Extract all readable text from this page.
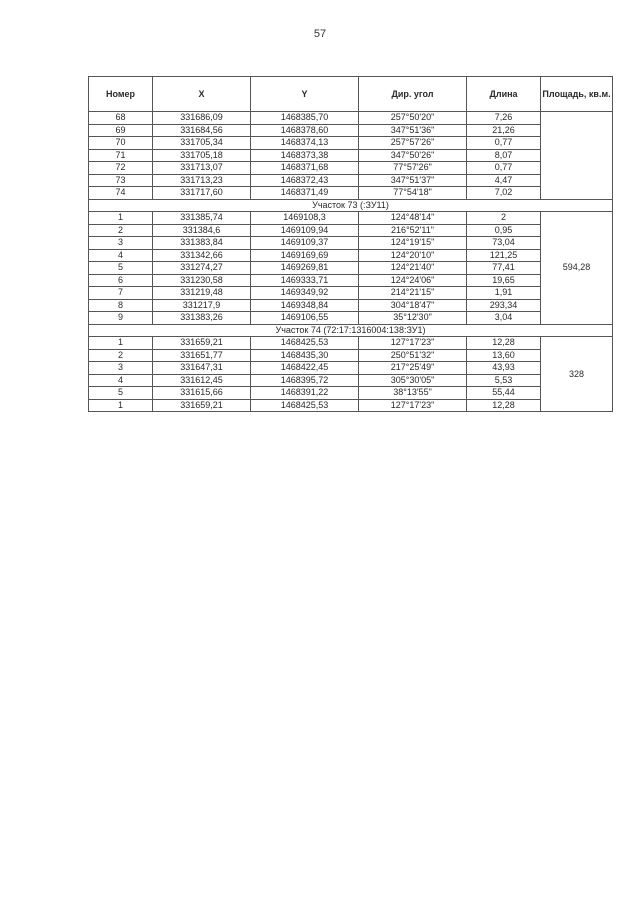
57
Номер	X	Y	Дир. угол	Длина	Площадь, кв.м.
68	331686,09	1468385,70	257°50'20"	7,26	
69	331684,56	1468378,60	347°51'36"	21,26	
70	331705,34	1468374,13	257°57'26"	0,77	
71	331705,18	1468373,38	347°50'26"	8,07	
72	331713,07	1468371,68	77°57'26"	0,77	
73	331713,23	1468372,43	347°51'37"	4,47	
74	331717,60	1468371,49	77°54'18"	7,02	
Участок 73 (:ЗУ11)					
1	331385,74	1469108,3	124°48'14"	2	594,28
2	331384,6	1469109,94	216°52'11"	0,95	
3	331383,84	1469109,37	124°19'15"	73,04	
4	331342,66	1469169,69	124°20'10"	121,25	
5	331274,27	1469269,81	124°21'40"	77,41	
6	331230,58	1469333,71	124°24'06"	19,65	
7	331219,48	1469349,92	214°21'15"	1,91	
8	331217,9	1469348,84	304°18'47"	293,34	
9	331383,26	1469106,55	35°12'30"	3,04	
Участок 74 (72:17:1316004:138:ЗУ1)					
1	331659,21	1468425,53	127°17'23"	12,28	328
2	331651,77	1468435,30	250°51'32"	13,60	
3	331647,31	1468422,45	217°25'49"	43,93	
4	331612,45	1468395,72	305°30'05"	5,53	
5	331615,66	1468391,22	38°13'55"	55,44	
1	331659,21	1468425,53	127°17'23"	12,28	
